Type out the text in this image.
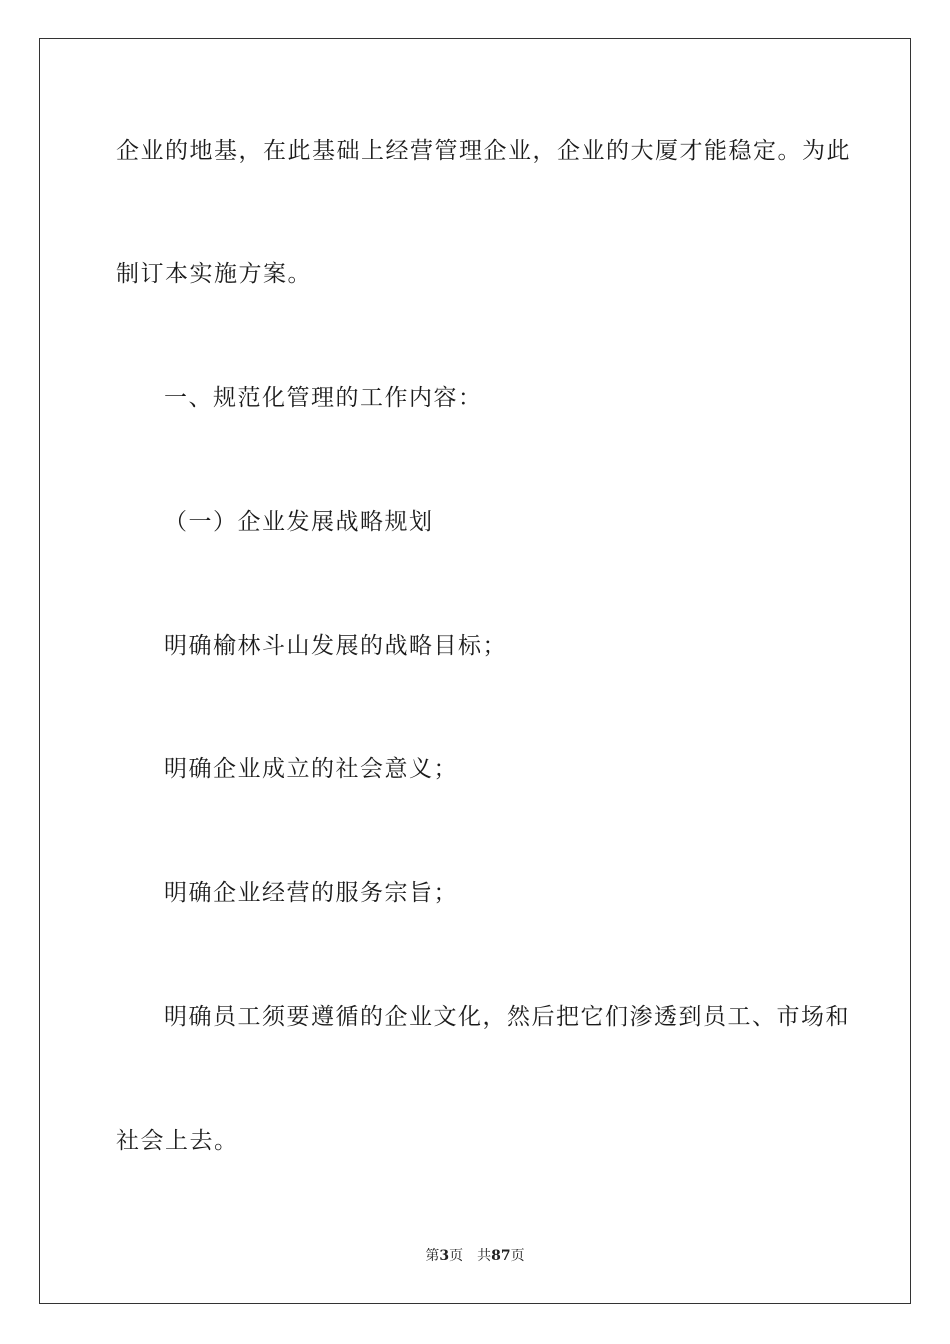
企业的地基，在此基础上经营管理企业，企业的大厦才能稳定。为此
制订本实施方案。
一、规范化管理的工作内容：
（一）企业发展战略规划
明确榆林斗山发展的战略目标；
明确企业成立的社会意义；
明确企业经营的服务宗旨；
明确员工须要遵循的企业文化，然后把它们渗透到员工、市场和
社会上去。
第3页 共87页
